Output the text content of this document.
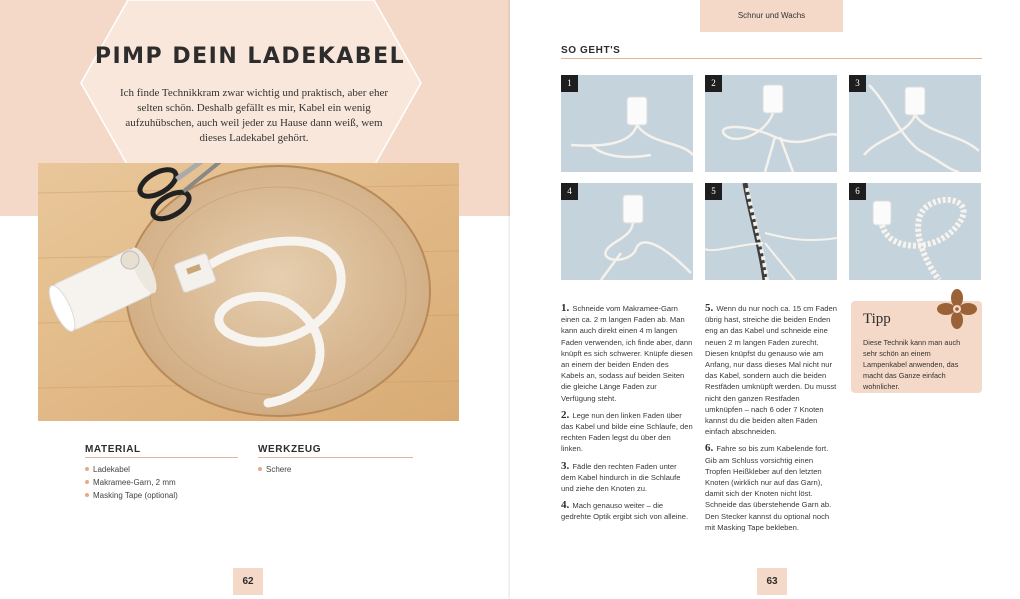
PIMP DEIN LADEKABEL
Ich finde Technikkram zwar wichtig und praktisch, aber eher selten schön. Deshalb gefällt es mir, Kabel ein wenig aufzuhübschen, auch weil jeder zu Hause dann weiß, wem dieses Ladekabel gehört.
MATERIAL
Ladekabel
Makramee-Garn, 2 mm
Masking Tape (optional)
WERKZEUG
Schere
62
Schnur und Wachs
SO GEHT'S
1	2	3
4	5	6
1. Schneide vom Makramee-Garn einen ca. 2 m langen Faden ab. Man kann auch direkt einen 4 m langen Faden verwenden, ich finde aber, dann knüpft es sich schwerer. Knüpfe diesen an einem der beiden Enden des Kabels an, sodass auf beiden Seiten die gleiche Länge Faden zur Verfügung steht.
2. Lege nun den linken Faden über das Kabel und bilde eine Schlaufe, den rechten Faden legst du über den linken.
3. Fädle den rechten Faden unter dem Kabel hindurch in die Schlaufe und ziehe den Knoten zu.
4. Mach genauso weiter – die gedrehte Optik ergibt sich von alleine.
5. Wenn du nur noch ca. 15 cm Faden übrig hast, streiche die beiden Enden eng an das Kabel und schneide eine neuen 2 m langen Faden zurecht. Diesen knüpfst du genauso wie am Anfang, nur dass dieses Mal nicht nur das Kabel, sondern auch die beiden Restfäden umknüpft werden. Du musst nicht den ganzen Restfaden umknüpfen – nach 6 oder 7 Knoten kannst du die beiden alten Fäden einfach abschneiden.
6. Fahre so bis zum Kabelende fort. Gib am Schluss vorsichtig einen Tropfen Heißkleber auf den letzten Knoten (wirklich nur auf das Garn), damit sich der Knoten nicht löst. Schneide das überstehende Garn ab. Den Stecker kannst du optional noch mit Masking Tape bekleben.
Tipp
Diese Technik kann man auch sehr schön an einem Lampenkabel anwenden, das macht das Ganze einfach wohnlicher.
63
